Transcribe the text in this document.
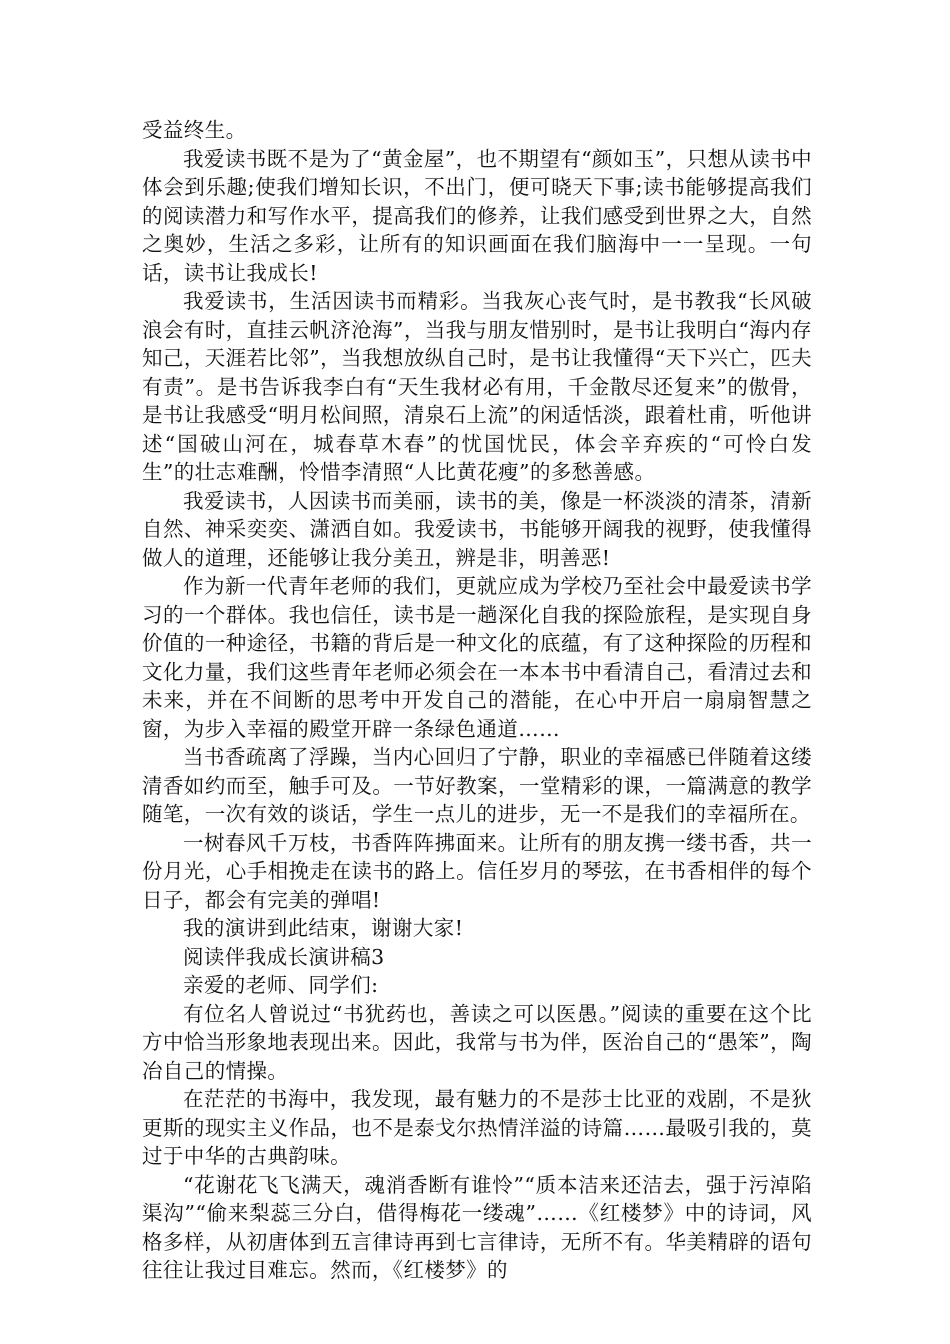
受益终生。

我爱读书既不是为了“黄金屋”，也不期望有“颜如玉”，只想从读书中体会到乐趣;使我们增知长识，不出门，便可晓天下事;读书能够提高我们的阅读潜力和写作水平，提高我们的修养，让我们感受到世界之大，自然之奥妙，生活之多彩，让所有的知识画面在我们脑海中一一呈现。一句话，读书让我成长!

我爱读书，生活因读书而精彩。当我灰心丧气时，是书教我“长风破浪会有时，直挂云帆济沧海”，当我与朋友惜别时，是书让我明白“海内存知己，天涯若比邻”，当我想放纵自己时，是书让我懂得“天下兴亡，匹夫有责”。是书告诉我李白有“天生我材必有用，千金散尽还复来”的傲骨，是书让我感受“明月松间照，清泉石上流”的闲适恬淡，跟着杜甫，听他讲述“国破山河在，城春草木春”的忧国忧民，体会辛弃疾的“可怜白发生”的壮志难酬，怜惜李清照“人比黄花瘦”的多愁善感。

我爱读书，人因读书而美丽，读书的美，像是一杯淡淡的清茶，清新自然、神采奕奕、潇洒自如。我爱读书，书能够开阔我的视野，使我懂得做人的道理，还能够让我分美丑，辨是非，明善恶!

作为新一代青年老师的我们，更就应成为学校乃至社会中最爱读书学习的一个群体。我也信任，读书是一趟深化自我的探险旅程，是实现自身价值的一种途径，书籍的背后是一种文化的底蕴，有了这种探险的历程和文化力量，我们这些青年老师必须会在一本本书中看清自己，看清过去和未来，并在不间断的思考中开发自己的潜能，在心中开启一扇扇智慧之窗，为步入幸福的殿堂开辟一条绿色通道……

当书香疏离了浮躁，当内心回归了宁静，职业的幸福感已伴随着这缕清香如约而至，触手可及。一节好教案，一堂精彩的课，一篇满意的教学随笔，一次有效的谈话，学生一点儿的进步，无一不是我们的幸福所在。

一树春风千万枝，书香阵阵拂面来。让所有的朋友携一缕书香，共一份月光，心手相挽走在读书的路上。信任岁月的琴弦，在书香相伴的每个日子，都会有完美的弹唱!

我的演讲到此结束，谢谢大家!

阅读伴我成长演讲稿3

亲爱的老师、同学们:

有位名人曾说过“书犹药也，善读之可以医愚。”阅读的重要在这个比方中恰当形象地表现出来。因此，我常与书为伴，医治自己的“愚笨”，陶冶自己的情操。

在茫茫的书海中，我发现，最有魅力的不是莎士比亚的戏剧，不是狄更斯的现实主义作品，也不是泰戈尔热情洋溢的诗篇……最吸引我的，莫过于中华的古典韵味。

“花谢花飞飞满天，魂消香断有谁怜”“质本洁来还洁去，强于污淖陷渠沟”“偷来梨蕊三分白，借得梅花一缕魂”……《红楼梦》中的诗词，风格多样，从初唐体到五言律诗再到七言律诗，无所不有。华美精辟的语句往往让我过目难忘。然而，《红楼梦》的
